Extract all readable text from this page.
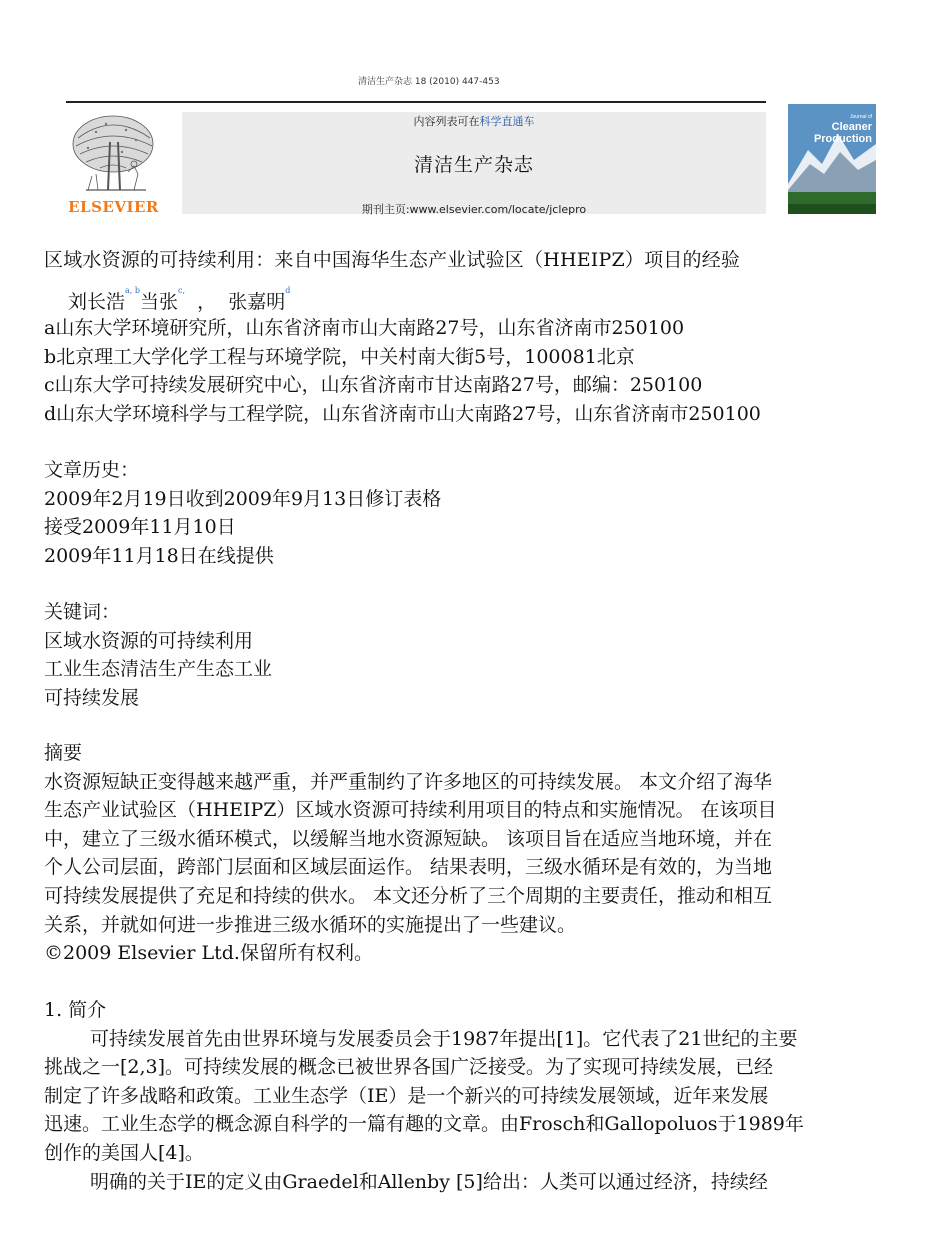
清洁生产杂志 18 (2010) 447-453
ELSEVIER
内容列表可在科学直通车
清洁生产杂志
期刊主页:www.elsevier.com/locate/jclepro
Journal of
Cleaner
Production
区域水资源的可持续利用：来自中国海华生态产业试验区（HHEIPZ）项目的经验
刘长浩$^{a, b}$当张$^{c,}$  ， 张嘉明$^d$
a山东大学环境研究所，山东省济南市山大南路27号，山东省济南市250100
b北京理工大学化学工程与环境学院，中关村南大街5号，100081北京
c山东大学可持续发展研究中心，山东省济南市甘达南路27号，邮编：250100
d山东大学环境科学与工程学院，山东省济南市山大南路27号，山东省济南市250100
文章历史：
2009年2月19日收到2009年9月13日修订表格
接受2009年11月10日
2009年11月18日在线提供
关键词：
区域水资源的可持续利用
工业生态清洁生产生态工业
可持续发展
摘要
水资源短缺正变得越来越严重，并严重制约了许多地区的可持续发展。 本文介绍了海华
生态产业试验区（HHEIPZ）区域水资源可持续利用项目的特点和实施情况。 在该项目
中，建立了三级水循环模式，以缓解当地水资源短缺。 该项目旨在适应当地环境，并在
个人公司层面，跨部门层面和区域层面运作。 结果表明，三级水循环是有效的，为当地
可持续发展提供了充足和持续的供水。 本文还分析了三个周期的主要责任，推动和相互
关系，并就如何进一步推进三级水循环的实施提出了一些建议。
©2009 Elsevier Ltd.保留所有权利。
1. 简介
可持续发展首先由世界环境与发展委员会于1987年提出[1]。它代表了21世纪的主要
挑战之一[2,3]。可持续发展的概念已被世界各国广泛接受。为了实现可持续发展，已经
制定了许多战略和政策。工业生态学（IE）是一个新兴的可持续发展领域，近年来发展
迅速。工业生态学的概念源自科学的一篇有趣的文章。由Frosch和Gallopoluos于1989年
创作的美国人[4]。
明确的关于IE的定义由Graedel和Allenby [5]给出：人类可以通过经济，持续经
